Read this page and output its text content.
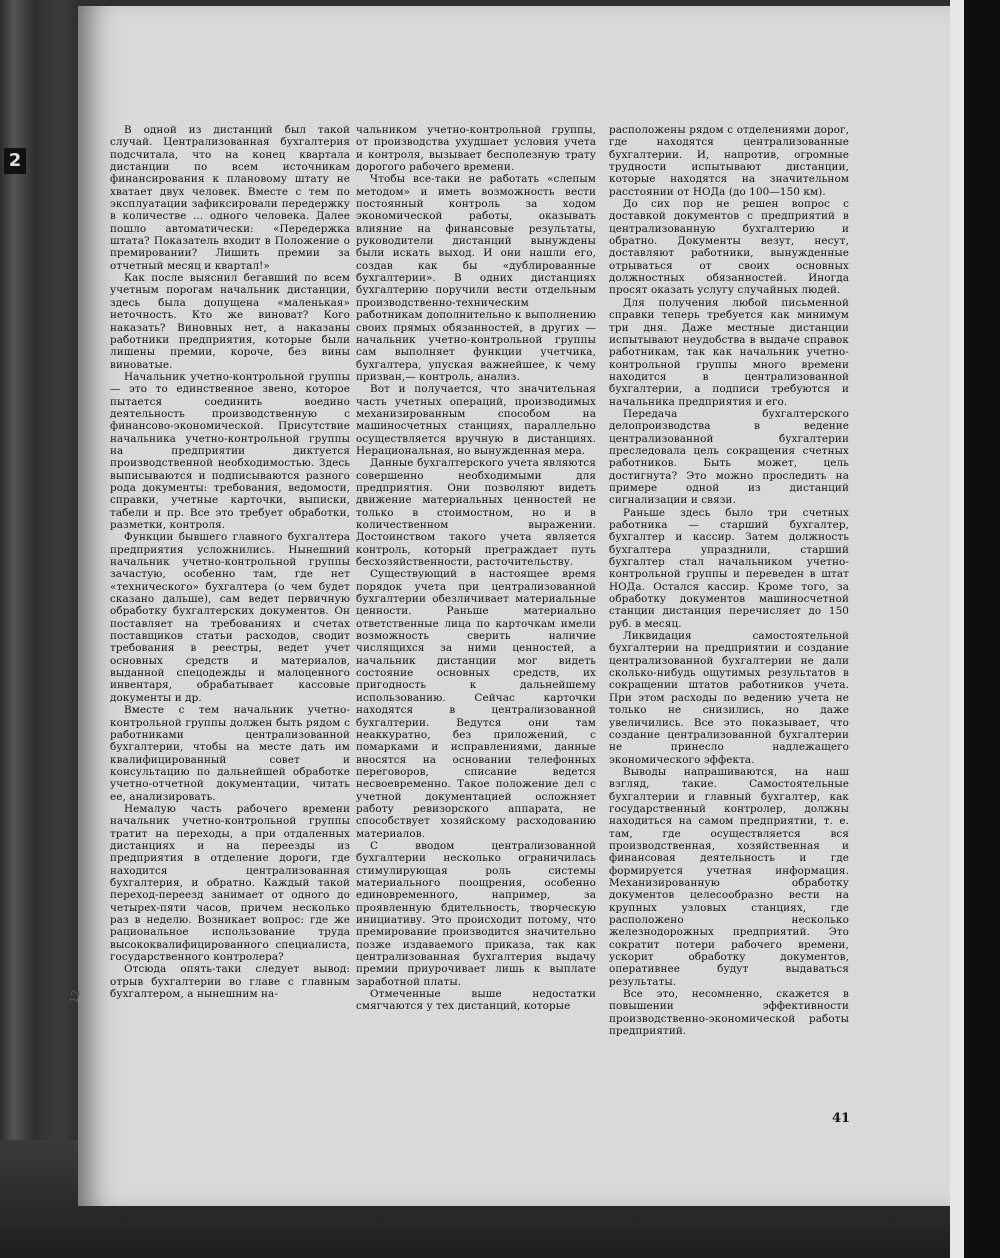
2
12

В одной из дистанций был такой случай. Централизованная бухгалтерия подсчитала, что на конец квартала дистанции по всем источникам финансирования к плановому штату не хватает двух человек. Вместе с тем по эксплуатации зафиксировали передержку в количестве ... одного человека. Далее пошло автоматически: «Передержка штата? Показатель входит в Положение о премировании? Лишить премии за отчетный месяц и квартал!»

Как после выяснил бегавший по всем учетным порогам начальник дистанции, здесь была допущена «маленькая» неточность. Кто же виноват? Кого наказать? Виновных нет, а наказаны работники предприятия, которые были лишены премии, короче, без вины виноватые.

Начальник учетно-контрольной группы — это то единственное звено, которое пытается соединить воедино деятельность производственную с финансово-экономической. Присутствие начальника учетно-контрольной группы на предприятии диктуется производственной необходимостью. Здесь выписываются и подписываются разного рода документы: требования, ведомости, справки, учетные карточки, выписки, табели и пр. Все это требует обработки, разметки, контроля.

Функции бывшего главного бухгалтера предприятия усложнились. Нынешний начальник учетно-контрольной группы зачастую, особенно там, где нет «технического» бухгалтера (о чем будет сказано дальше), сам ведет первичную обработку бухгалтерских документов. Он поставляет на требованиях и счетах поставщиков статьи расходов, сводит требования в реестры, ведет учет основных средств и материалов, выданной спецодежды и малоценного инвентаря, обрабатывает кассовые документы и др.

Вместе с тем начальник учетно-контрольной группы должен быть рядом с работниками централизованной бухгалтерии, чтобы на месте дать им квалифицированный совет и консультацию по дальнейшей обработке учетно-отчетной документации, читать ее, анализировать.

Немалую часть рабочего времени начальник учетно-контрольной группы тратит на переходы, а при отдаленных дистанциях и на переезды из предприятия в отделение дороги, где находится централизованная бухгалтерия, и обратно. Каждый такой переход-переезд занимает от одного до четырех-пяти часов, причем несколько раз в неделю. Возникает вопрос: где же рациональное использование труда высококвалифицированного специалиста, государственного контролера?

Отсюда опять-таки следует вывод: отрыв бухгалтерии во главе с главным бухгалтером, а нынешним на-

чальником учетно-контрольной группы, от производства ухудшает условия учета и контроля, вызывает бесполезную трату дорогого рабочего времени.

Чтобы все-таки не работать «слепым методом» и иметь возможность вести постоянный контроль за ходом экономической работы, оказывать влияние на финансовые результаты, руководители дистанций вынуждены были искать выход. И они нашли его, создав как бы «дублированные бухгалтерии». В одних дистанциях бухгалтерию поручили вести отдельным производственно-техническим работникам дополнительно к выполнению своих прямых обязанностей, в других — начальник учетно-контрольной группы сам выполняет функции учетчика, бухгалтера, упуская важнейшее, к чему призван,— контроль, анализ.

Вот и получается, что значительная часть учетных операций, производимых механизированным способом на машиносчетных станциях, параллельно осуществляется вручную в дистанциях. Нерациональная, но вынужденная мера.

Данные бухгалтерского учета являются совершенно необходимыми для предприятия. Они позволяют видеть движение материальных ценностей не только в стоимостном, но и в количественном выражении. Достоинством такого учета является контроль, который преграждает путь бесхозяйственности, расточительству.

Существующий в настоящее время порядок учета при централизованной бухгалтерии обезличивает материальные ценности. Раньше материально ответственные лица по карточкам имели возможность сверить наличие числящихся за ними ценностей, а начальник дистанции мог видеть состояние основных средств, их пригодность к дальнейшему использованию. Сейчас карточки находятся в централизованной бухгалтерии. Ведутся они там неаккуратно, без приложений, с помарками и исправлениями, данные вносятся на основании телефонных переговоров, списание ведется несвоевременно. Такое положение дел с учетной документацией осложняет работу ревизорского аппарата, не способствует хозяйскому расходованию материалов.

С вводом централизованной бухгалтерии несколько ограничилась стимулирующая роль системы материального поощрения, особенно единовременного, например, за проявленную бдительность, творческую инициативу. Это происходит потому, что премирование производится значительно позже издаваемого приказа, так как централизованная бухгалтерия выдачу премии приурочивает лишь к выплате заработной платы.

Отмеченные выше недостатки смягчаются у тех дистанций, которые

расположены рядом с отделениями дорог, где находятся централизованные бухгалтерии. И, напротив, огромные трудности испытывают дистанции, которые находятся на значительном расстоянии от НОДа (до 100—150 км).

До сих пор не решен вопрос с доставкой документов с предприятий в централизованную бухгалтерию и обратно. Документы везут, несут, доставляют работники, вынужденные отрываться от своих основных должностных обязанностей. Иногда просят оказать услугу случайных людей.

Для получения любой письменной справки теперь требуется как минимум три дня. Даже местные дистанции испытывают неудобства в выдаче справок работникам, так как начальник учетно-контрольной группы много времени находится в централизованной бухгалтерии, а подписи требуются и начальника предприятия и его.

Передача бухгалтерского делопроизводства в ведение централизованной бухгалтерии преследовала цель сокращения счетных работников. Быть может, цель достигнута? Это можно проследить на примере одной из дистанций сигнализации и связи.

Раньше здесь было три счетных работника — старший бухгалтер, бухгалтер и кассир. Затем должность бухгалтера упразднили, старший бухгалтер стал начальником учетно-контрольной группы и переведен в штат НОДа. Остался кассир. Кроме того, за обработку документов машиносчетной станции дистанция перечисляет до 150 руб. в месяц.

Ликвидация самостоятельной бухгалтерии на предприятии и создание централизованной бухгалтерии не дали сколько-нибудь ощутимых результатов в сокращении штатов работников учета. При этом расходы по ведению учета не только не снизились, но даже увеличились. Все это показывает, что создание централизованной бухгалтерии не принесло надлежащего экономического эффекта.

Выводы напрашиваются, на наш взгляд, такие. Самостоятельные бухгалтерии и главный бухгалтер, как государственный контролер, должны находиться на самом предприятии, т. е. там, где осуществляется вся производственная, хозяйственная и финансовая деятельность и где формируется учетная информация. Механизированную обработку документов целесообразно вести на крупных узловых станциях, где расположено несколько железнодорожных предприятий. Это сократит потери рабочего времени, ускорит обработку документов, оперативнее будут выдаваться результаты.

Все это, несомненно, скажется в повышении эффективности производственно-экономической работы предприятий.

41
